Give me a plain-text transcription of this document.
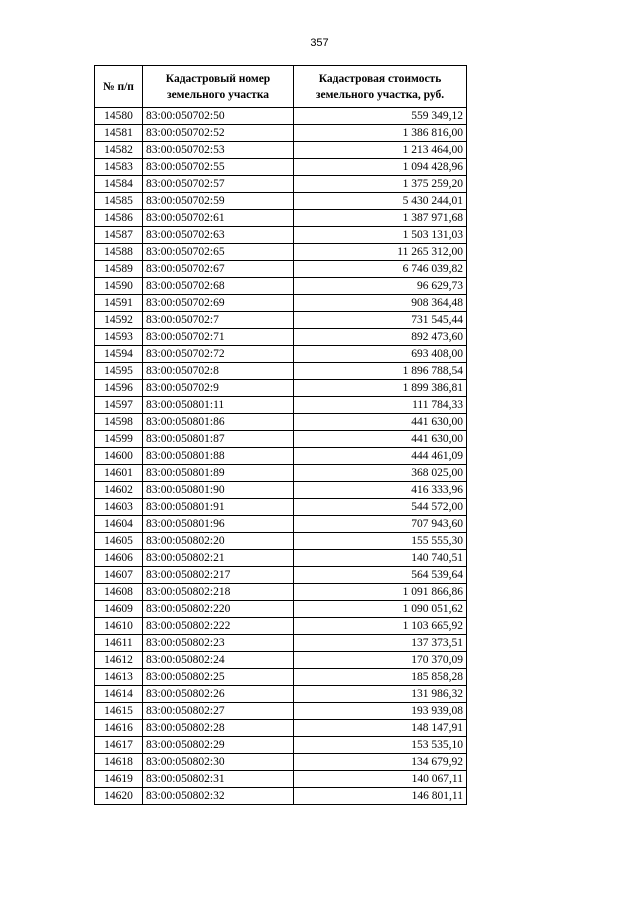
357
№ п/п	Кадастровый номер земельного участка	Кадастровая стоимость земельного участка, руб.
14580	83:00:050702:50	559 349,12
14581	83:00:050702:52	1 386 816,00
14582	83:00:050702:53	1 213 464,00
14583	83:00:050702:55	1 094 428,96
14584	83:00:050702:57	1 375 259,20
14585	83:00:050702:59	5 430 244,01
14586	83:00:050702:61	1 387 971,68
14587	83:00:050702:63	1 503 131,03
14588	83:00:050702:65	11 265 312,00
14589	83:00:050702:67	6 746 039,82
14590	83:00:050702:68	96 629,73
14591	83:00:050702:69	908 364,48
14592	83:00:050702:7	731 545,44
14593	83:00:050702:71	892 473,60
14594	83:00:050702:72	693 408,00
14595	83:00:050702:8	1 896 788,54
14596	83:00:050702:9	1 899 386,81
14597	83:00:050801:11	111 784,33
14598	83:00:050801:86	441 630,00
14599	83:00:050801:87	441 630,00
14600	83:00:050801:88	444 461,09
14601	83:00:050801:89	368 025,00
14602	83:00:050801:90	416 333,96
14603	83:00:050801:91	544 572,00
14604	83:00:050801:96	707 943,60
14605	83:00:050802:20	155 555,30
14606	83:00:050802:21	140 740,51
14607	83:00:050802:217	564 539,64
14608	83:00:050802:218	1 091 866,86
14609	83:00:050802:220	1 090 051,62
14610	83:00:050802:222	1 103 665,92
14611	83:00:050802:23	137 373,51
14612	83:00:050802:24	170 370,09
14613	83:00:050802:25	185 858,28
14614	83:00:050802:26	131 986,32
14615	83:00:050802:27	193 939,08
14616	83:00:050802:28	148 147,91
14617	83:00:050802:29	153 535,10
14618	83:00:050802:30	134 679,92
14619	83:00:050802:31	140 067,11
14620	83:00:050802:32	146 801,11
